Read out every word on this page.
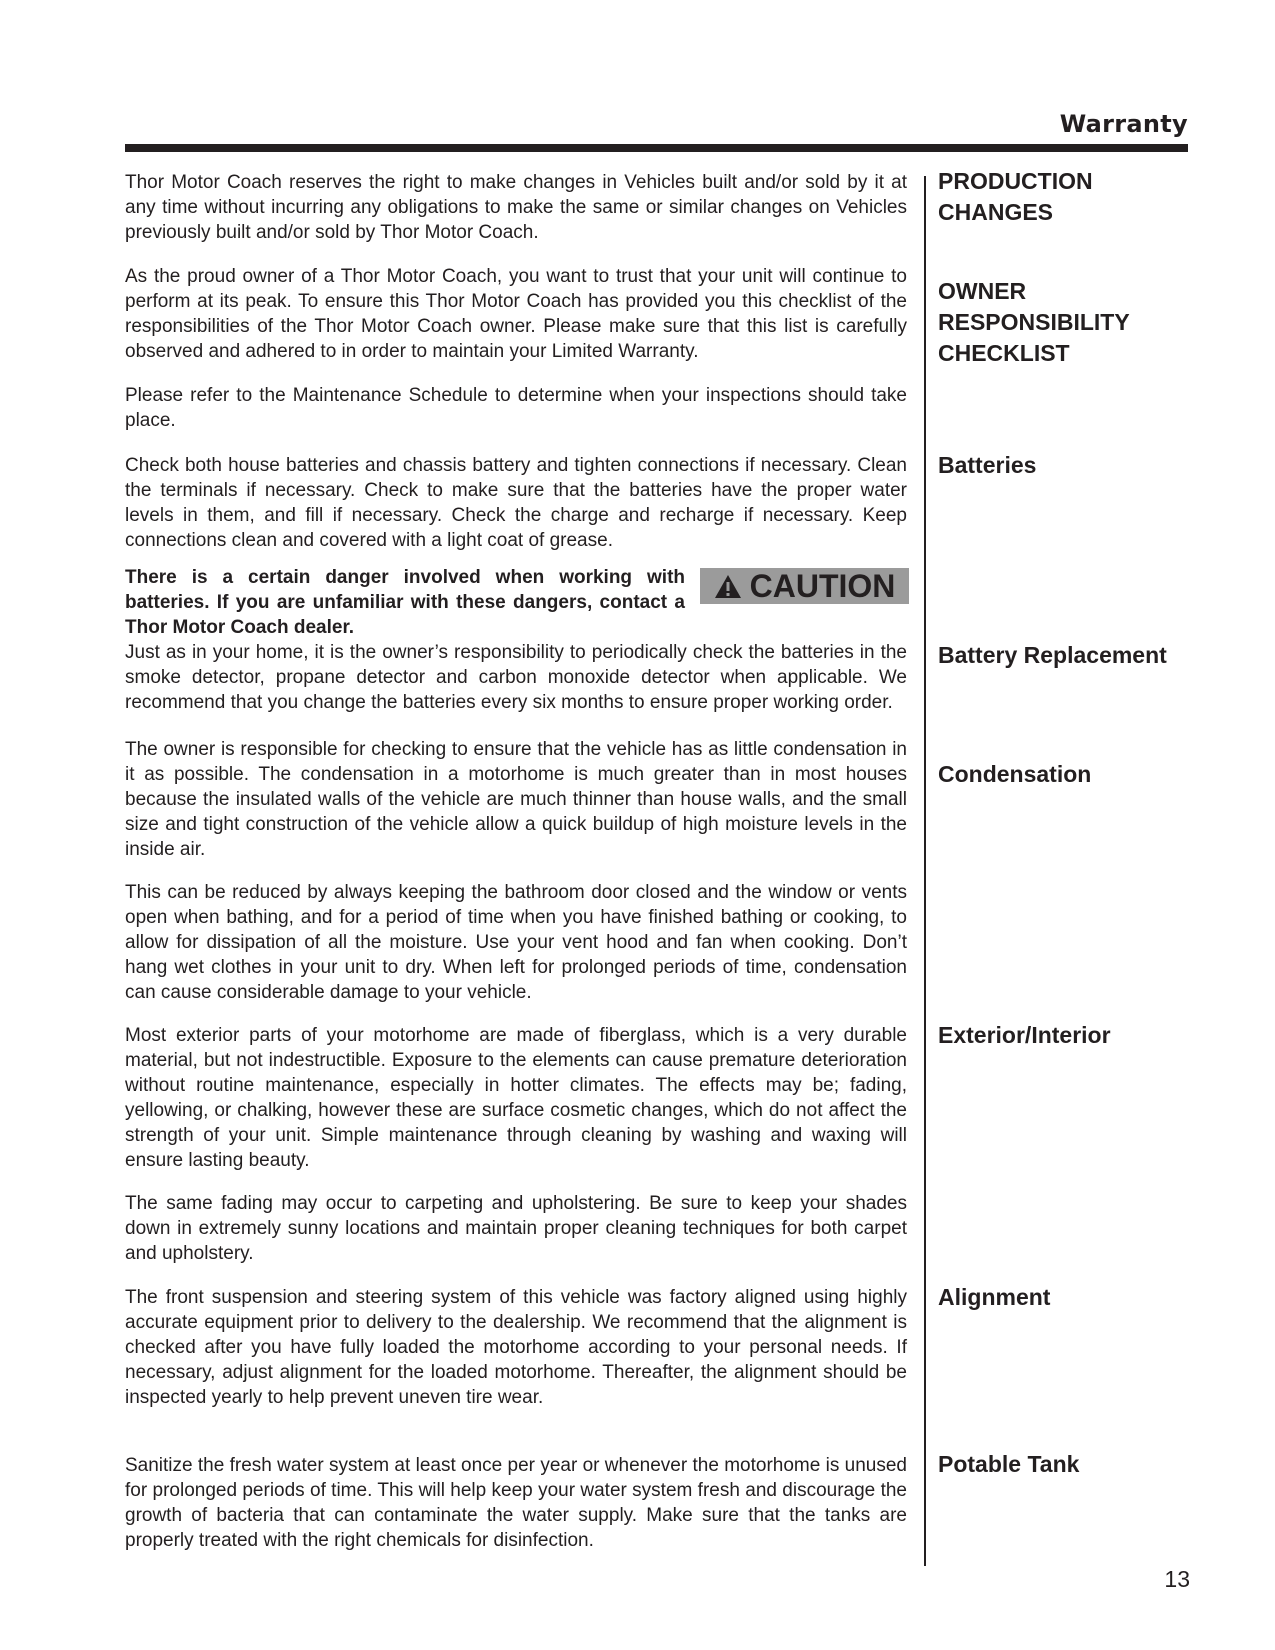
Warranty

Thor Motor Coach reserves the right to make changes in Vehicles built and/or sold by it at any time without incurring any obligations to make the same or similar changes on Vehicles previously built and/or sold by Thor Motor Coach.

As the proud owner of a Thor Motor Coach, you want to trust that your unit will continue to perform at its peak. To ensure this Thor Motor Coach has provided you this checklist of the responsibilities of the Thor Motor Coach owner. Please make sure that this list is carefully observed and adhered to in order to maintain your Limited Warranty.

Please refer to the Maintenance Schedule to determine when your inspections should take place.

Check both house batteries and chassis battery and tighten connections if necessary. Clean the terminals if necessary. Check to make sure that the batteries have the proper water levels in them, and fill if necessary. Check the charge and recharge if necessary. Keep connections clean and covered with a light coat of grease.

There is a certain danger involved when working with batteries. If you are unfamiliar with these dangers, contact a Thor Motor Coach dealer.

CAUTION

Just as in your home, it is the owner’s responsibility to periodically check the batteries in the smoke detector, propane detector and carbon monoxide detector when applicable. We recommend that you change the batteries every six months to ensure proper working order.

The owner is responsible for checking to ensure that the vehicle has as little condensation in it as possible. The condensation in a motorhome is much greater than in most houses because the insulated walls of the vehicle are much thinner than house walls, and the small size and tight construction of the vehicle allow a quick buildup of high moisture levels in the inside air.

This can be reduced by always keeping the bathroom door closed and the window or vents open when bathing, and for a period of time when you have finished bathing or cooking, to allow for dissipation of all the moisture. Use your vent hood and fan when cooking. Don’t hang wet clothes in your unit to dry. When left for prolonged periods of time, condensation can cause considerable damage to your vehicle.

Most exterior parts of your motorhome are made of fiberglass, which is a very durable material, but not indestructible. Exposure to the elements can cause premature deterioration without routine maintenance, especially in hotter climates. The effects may be; fading, yellowing, or chalking, however these are surface cosmetic changes, which do not affect the strength of your unit. Simple maintenance through cleaning by washing and waxing will ensure lasting beauty.

The same fading may occur to carpeting and upholstering. Be sure to keep your shades down in extremely sunny locations and maintain proper cleaning techniques for both carpet and upholstery.

The front suspension and steering system of this vehicle was factory aligned using highly accurate equipment prior to delivery to the dealership. We recommend that the alignment is checked after you have fully loaded the motorhome according to your personal needs. If necessary, adjust alignment for the loaded motorhome. Thereafter, the alignment should be inspected yearly to help prevent uneven tire wear.

Sanitize the fresh water system at least once per year or whenever the motorhome is unused for prolonged periods of time. This will help keep your water system fresh and discourage the growth of bacteria that can contaminate the water supply. Make sure that the tanks are properly treated with the right chemicals for disinfection.

PRODUCTION CHANGES

OWNER RESPONSIBILITY CHECKLIST

Batteries

Battery Replacement

Condensation

Exterior/Interior

Alignment

Potable Tank

13
